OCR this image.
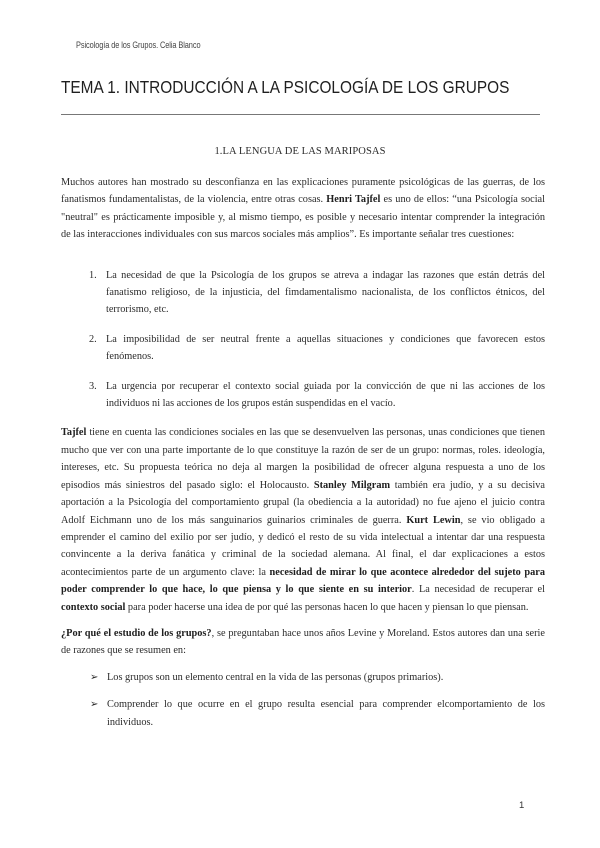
Psicología de los Grupos. Celia Blanco
TEMA 1. INTRODUCCIÓN A LA PSICOLOGÍA DE LOS GRUPOS
1.LA LENGUA DE LAS MARIPOSAS

Muchos autores han mostrado su desconfianza en las explicaciones puramente psicológicas de las guerras, de los fanatismos fundamentalistas, de la violencia, entre otras cosas. Henri Tajfel es uno de ellos: “una Psicología social "neutral" es prácticamente imposible y, al mismo tiempo, es posible y necesario intentar comprender la integración de las interacciones individuales con sus marcos sociales más amplios”. Es importante señalar tres cuestiones:

1. La necesidad de que la Psicología de los grupos se atreva a indagar las razones que están detrás del fanatismo religioso, de la injusticia, del fimdamentalismo nacionalista, de los conflictos étnicos, del terrorismo, etc.
2. La imposibilidad de ser neutral frente a aquellas situaciones y condiciones que favorecen estos fenómenos.
3. La urgencia por recuperar el contexto social guiada por la convicción de que ni las acciones de los individuos ni las acciones de los grupos están suspendidas en el vacío.

Tajfel tiene en cuenta las condiciones sociales en las que se desenvuelven las personas, unas condiciones que tienen mucho que ver con una parte importante de lo que constituye la razón de ser de un grupo: normas, roles. ideología, intereses, etc. Su propuesta teórica no deja al margen la posibilidad de ofrecer alguna respuesta a uno de los episodios más siniestros del pasado siglo: el Holocausto. Stanley Milgram también era judío, y a su decisiva aportación a la Psicología del comportamiento grupal (la obediencia a la autoridad) no fue ajeno el juicio contra Adolf Eichmann uno de los más sanguinarios guinarios criminales de guerra. Kurt Lewin, se vio obligado a emprender el camino del exilio por ser judío, y dedicó el resto de su vida intelectual a intentar dar una respuesta convincente a la deriva fanática y criminal de la sociedad alemana. Al final, el dar explicaciones a estos acontecimientos parte de un argumento clave: la necesidad de mirar lo que acontece alrededor del sujeto para poder comprender lo que hace, lo que piensa y lo que siente en su interior. La necesidad de recuperar el contexto social para poder hacerse una idea de por qué las personas hacen lo que hacen y piensan lo que piensan.

¿Por qué el estudio de los grupos?, se preguntaban hace unos años Levine y Moreland. Estos autores dan una serie de razones que se resumen en:

➢ Los grupos son un elemento central en la vida de las personas (grupos primarios).
➢ Comprender lo que ocurre en el grupo resulta esencial para comprender elcomportamiento de los individuos.
1
